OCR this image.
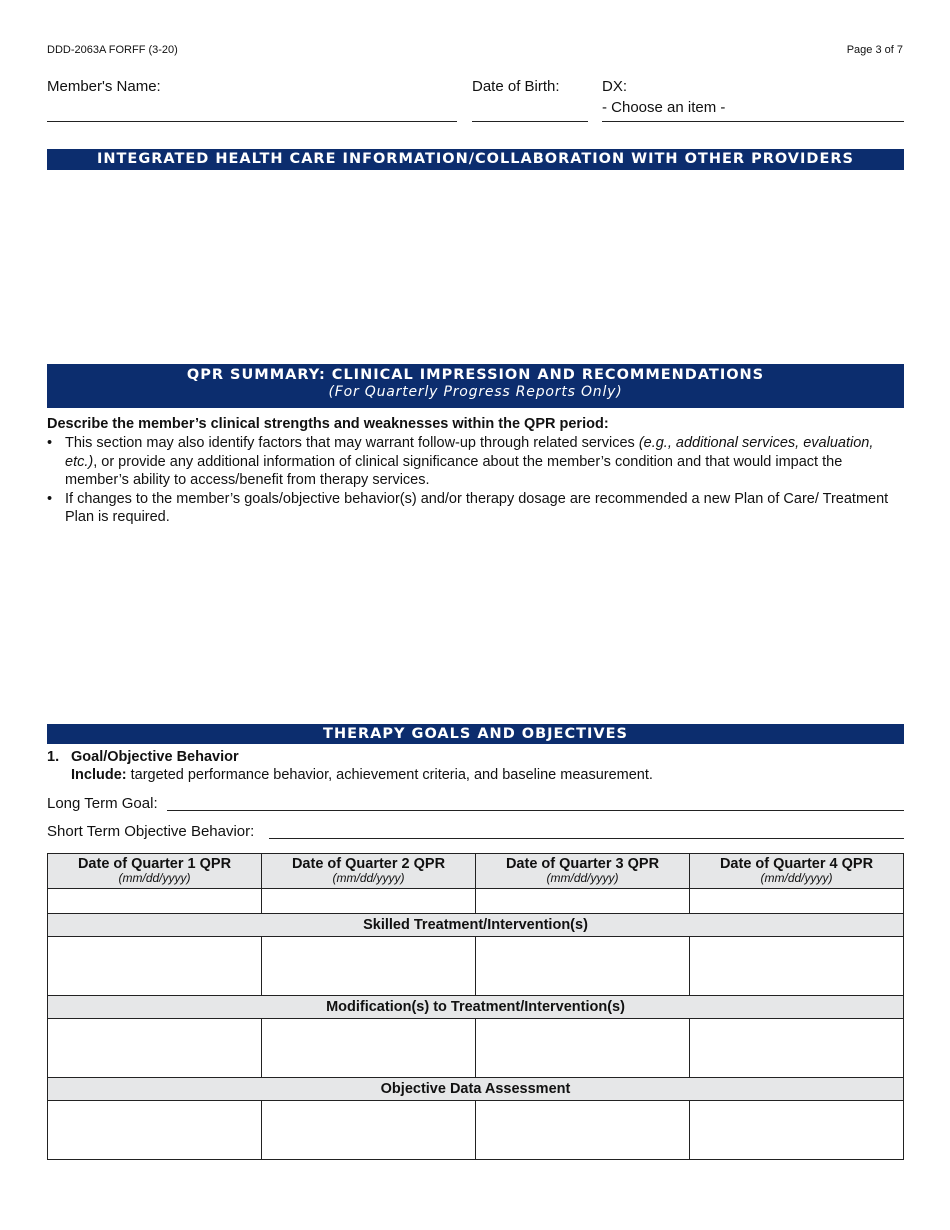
DDD-2063A FORFF (3-20)	Page 3 of 7
Member's Name:	Date of Birth:	DX:
- Choose an item -
INTEGRATED HEALTH CARE INFORMATION/COLLABORATION WITH OTHER PROVIDERS
QPR SUMMARY: CLINICAL IMPRESSION AND RECOMMENDATIONS
(For Quarterly Progress Reports Only)
Describe the member’s clinical strengths and weaknesses within the QPR period:
• This section may also identify factors that may warrant follow-up through related services (e.g., additional services, evaluation, etc.), or provide any additional information of clinical significance about the member’s condition and that would impact the member’s ability to access/benefit from therapy services.
• If changes to the member’s goals/objective behavior(s) and/or therapy dosage are recommended a new Plan of Care/ Treatment Plan is required.
THERAPY GOALS AND OBJECTIVES
1. Goal/Objective Behavior
Include: targeted performance behavior, achievement criteria, and baseline measurement.
Long Term Goal:
Short Term Objective Behavior:
Date of Quarter 1 QPR
(mm/dd/yyyy)	Date of Quarter 2 QPR
(mm/dd/yyyy)	Date of Quarter 3 QPR
(mm/dd/yyyy)	Date of Quarter 4 QPR
(mm/dd/yyyy)

Skilled Treatment/Intervention(s)			

Modification(s) to Treatment/Intervention(s)			

Objective Data Assessment			
